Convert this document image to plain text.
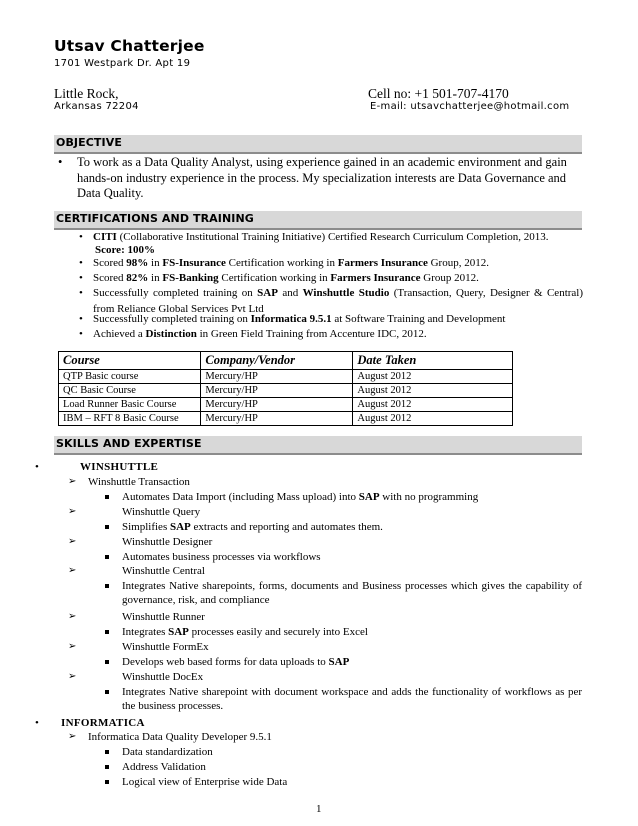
Utsav Chatterjee
1701 Westpark Dr. Apt 19
Little Rock,
Arkansas 72204
Cell no: +1 501-707-4170
E-mail: utsavchatterjee@hotmail.com
OBJECTIVE
• To work as a Data Quality Analyst, using experience gained in an academic environment and gain hands-on industry experience in the process. My specialization interests are Data Governance and Data Quality.
CERTIFICATIONS AND TRAINING
• CITI (Collaborative Institutional Training Initiative) Certified Research Curriculum Completion, 2013.
Score: 100%
• Scored 98% in FS-Insurance Certification working in Farmers Insurance Group, 2012.
• Scored 82% in FS-Banking Certification working in Farmers Insurance Group 2012.
• Successfully completed training on SAP and Winshuttle Studio (Transaction, Query, Designer & Central) from Reliance Global Services Pvt Ltd
• Successfully completed training on Informatica 9.5.1 at Software Training and Development
• Achieved a Distinction in Green Field Training from Accenture IDC, 2012.
Course	Company/Vendor	Date Taken
QTP Basic course	Mercury/HP	August 2012
QC Basic Course	Mercury/HP	August 2012
Load Runner Basic Course	Mercury/HP	August 2012
IBM – RFT 8 Basic Course	Mercury/HP	August 2012
SKILLS AND EXPERTISE
•	WINSHUTTLE
➢ Winshuttle Transaction
Automates Data Import (including Mass upload) into SAP with no programming
➢	Winshuttle Query
Simplifies SAP extracts and reporting and automates them.
➢	Winshuttle Designer
Automates business processes via workflows
➢	Winshuttle Central
Integrates Native sharepoints, forms, documents and Business processes which gives the capability of governance, risk, and compliance
➢	Winshuttle Runner
Integrates SAP processes easily and securely into Excel
➢	Winshuttle FormEx
Develops web based forms for data uploads to SAP
➢	Winshuttle DocEx
Integrates Native sharepoint with document workspace and adds the functionality of workflows as per the business processes.
• INFORMATICA
➢ Informatica Data Quality Developer 9.5.1
Data standardization
Address Validation
Logical view of Enterprise wide Data
1
